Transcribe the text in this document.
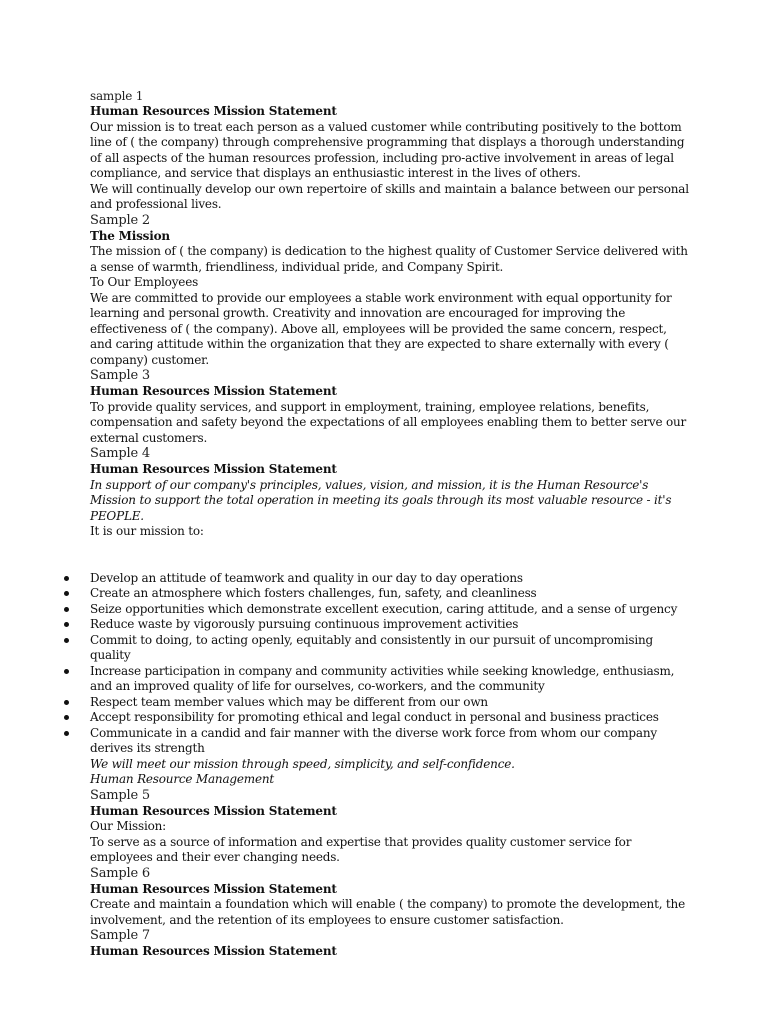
sample 1

Human Resources Mission Statement

Our mission is to treat each person as a valued customer while contributing positively to the bottom line of ( the company) through comprehensive programming that displays a thorough understanding of all aspects of the human resources profession, including pro-active involvement in areas of legal compliance, and service that displays an enthusiastic interest in the lives of others.

We will continually develop our own repertoire of skills and maintain a balance between our personal and professional lives.

Sample 2

The Mission

The mission of ( the company) is dedication to the highest quality of Customer Service delivered with a sense of warmth, friendliness, individual pride, and Company Spirit.

To Our Employees

We are committed to provide our employees a stable work environment with equal opportunity for learning and personal growth. Creativity and innovation are encouraged for improving the effectiveness of ( the company). Above all, employees will be provided the same concern, respect, and caring attitude within the organization that they are expected to share externally with every ( company) customer.

Sample 3

Human Resources Mission Statement

To provide quality services, and support in employment, training, employee relations, benefits, compensation and safety beyond the expectations of all employees enabling them to better serve our external customers.

Sample 4

Human Resources Mission Statement

In support of our company's principles, values, vision, and mission, it is the Human Resource's Mission to support the total operation in meeting its goals through its most valuable resource - it's PEOPLE.

It is our mission to:

Develop an attitude of teamwork and quality in our day to day operations
Create an atmosphere which fosters challenges, fun, safety, and cleanliness
Seize opportunities which demonstrate excellent execution, caring attitude, and a sense of urgency
Reduce waste by vigorously pursuing continuous improvement activities
Commit to doing, to acting openly, equitably and consistently in our pursuit of uncompromising quality
Increase participation in company and community activities while seeking knowledge, enthusiasm, and an improved quality of life for ourselves, co-workers, and the community
Respect team member values which may be different from our own
Accept responsibility for promoting ethical and legal conduct in personal and business practices
Communicate in a candid and fair manner with the diverse work force from whom our company derives its strength

We will meet our mission through speed, simplicity, and self-confidence.

Human Resource Management

Sample 5

Human Resources Mission Statement

Our Mission:

To serve as a source of information and expertise that provides quality customer service for employees and their ever changing needs.

Sample 6

Human Resources Mission Statement

Create and maintain a foundation which will enable ( the company) to promote the development, the involvement, and the retention of its employees to ensure customer satisfaction.

Sample 7

Human Resources Mission Statement
